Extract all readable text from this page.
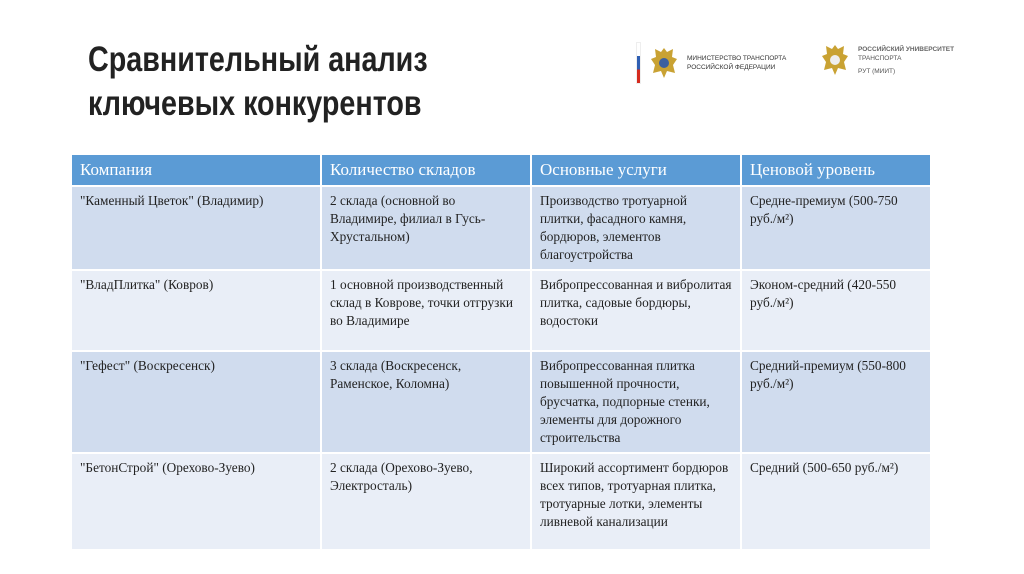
Сравнительный анализ
ключевых конкурентов
МИНИСТЕРСТВО ТРАНСПОРТА
РОССИЙСКОЙ ФЕДЕРАЦИИ
РОССИЙСКИЙ УНИВЕРСИТЕТ
ТРАНСПОРТА
РУТ (МИИТ)
Компания	Количество складов	Основные услуги	Ценовой уровень
"Каменный Цветок" (Владимир)	2 склада (основной во Владимире, филиал в Гусь-Хрустальном)	Производство тротуарной плитки, фасадного камня, бордюров, элементов благоустройства	Средне-премиум (500-750 руб./м²)
"ВладПлитка" (Ковров)	1 основной производственный склад в Коврове, точки отгрузки во Владимире	Вибропрессованная и вибролитая плитка, садовые бордюры, водостоки	Эконом-средний (420-550 руб./м²)
"Гефест" (Воскресенск)	3 склада (Воскресенск, Раменское, Коломна)	Вибропрессованная плитка повышенной прочности, брусчатка, подпорные стенки, элементы для дорожного строительства	Средний-премиум (550-800 руб./м²)
"БетонСтрой" (Орехово-Зуево)	2 склада (Орехово-Зуево, Электросталь)	Широкий ассортимент бордюров всех типов, тротуарная плитка, тротуарные лотки, элементы ливневой канализации	Средний (500-650 руб./м²)
